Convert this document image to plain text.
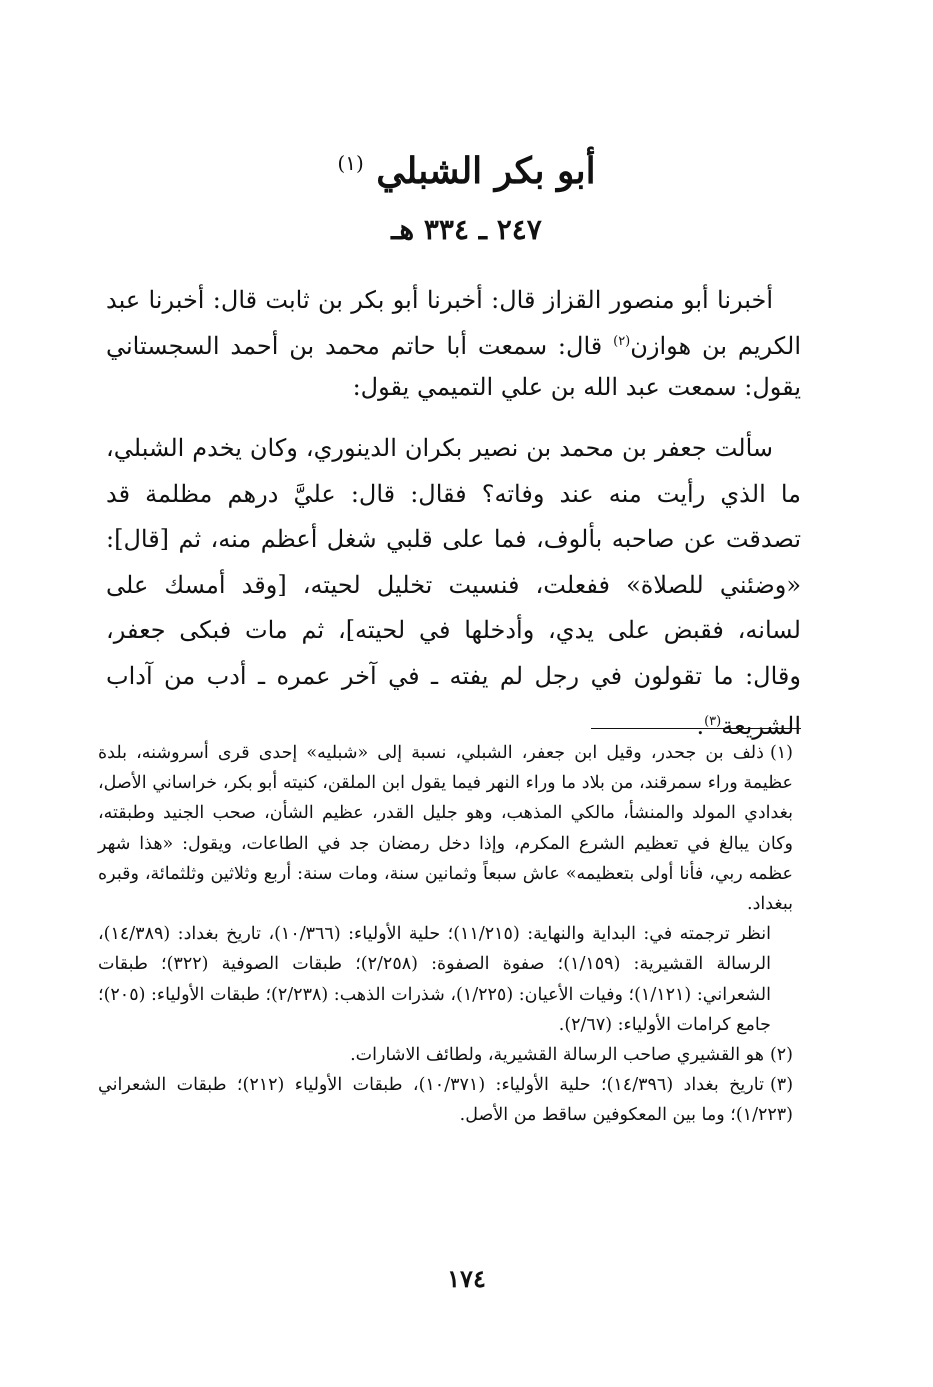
أبو بكر الشبلي $^{(١)}$
٢٤٧ ـ ٣٣٤ هـ

أخبرنا أبو منصور القزاز قال: أخبرنا أبو بكر بن ثابت قال: أخبرنا عبد الكريم بن هوازن$^{(٢)}$ قال: سمعت أبا حاتم محمد بن أحمد السجستاني يقول: سمعت عبد الله بن علي التميمي يقول:

سألت جعفر بن محمد بن نصير بكران الدينوري، وكان يخدم الشبلي، ما الذي رأيت منه عند وفاته؟ فقال: قال: عليَّ درهم مظلمة قد تصدقت عن صاحبه بألوف، فما على قلبي شغل أعظم منه، ثم [قال]: «وضئني للصلاة» ففعلت، فنسيت تخليل لحيته، [وقد أمسك على لسانه، فقبض على يدي، وأدخلها في لحيته]، ثم مات فبكى جعفر، وقال: ما تقولون في رجل لم يفته ـ في آخر عمره ـ أدب من آداب الشريعة$^{(٣)}$.

(١)ذلف بن جحدر، وقيل ابن جعفر، الشبلي، نسبة إلى «شبليه» إحدى قرى أسروشنه، بلدة عظيمة وراء سمرقند، من بلاد ما وراء النهر فيما يقول ابن الملقن، كنيته أبو بكر، خراساني الأصل، بغدادي المولد والمنشأ، مالكي المذهب، وهو جليل القدر، عظيم الشأن، صحب الجنيد وطبقته، وكان يبالغ في تعظيم الشرع المكرم، وإذا دخل رمضان جد في الطاعات، ويقول: «هذا شهر عظمه ربي، فأنا أولى بتعظيمه» عاش سبعاً وثمانين سنة، ومات سنة: أربع وثلاثين وثلثمائة، وقبره ببغداد.

انظر ترجمته في: البداية والنهاية: (١١/٢١٥)؛ حلية الأولياء: (١٠/٣٦٦)، تاريخ بغداد: (١٤/٣٨٩)، الرسالة القشيرية: (١/١٥٩)؛ صفوة الصفوة: (٢/٢٥٨)؛ طبقات الصوفية (٣٢٢)؛ طبقات الشعراني: (١/١٢١)؛ وفيات الأعيان: (١/٢٢٥)، شذرات الذهب: (٢/٢٣٨)؛ طبقات الأولياء: (٢٠٥)؛ جامع كرامات الأولياء: (٢/٦٧).

(٢)هو القشيري صاحب الرسالة القشيرية، ولطائف الاشارات.

(٣)تاريخ بغداد (١٤/٣٩٦)؛ حلية الأولياء: (١٠/٣٧١)، طبقات الأولياء (٢١٢)؛ طبقات الشعراني (١/٢٢٣)؛ وما بين المعكوفين ساقط من الأصل.

١٧٤
